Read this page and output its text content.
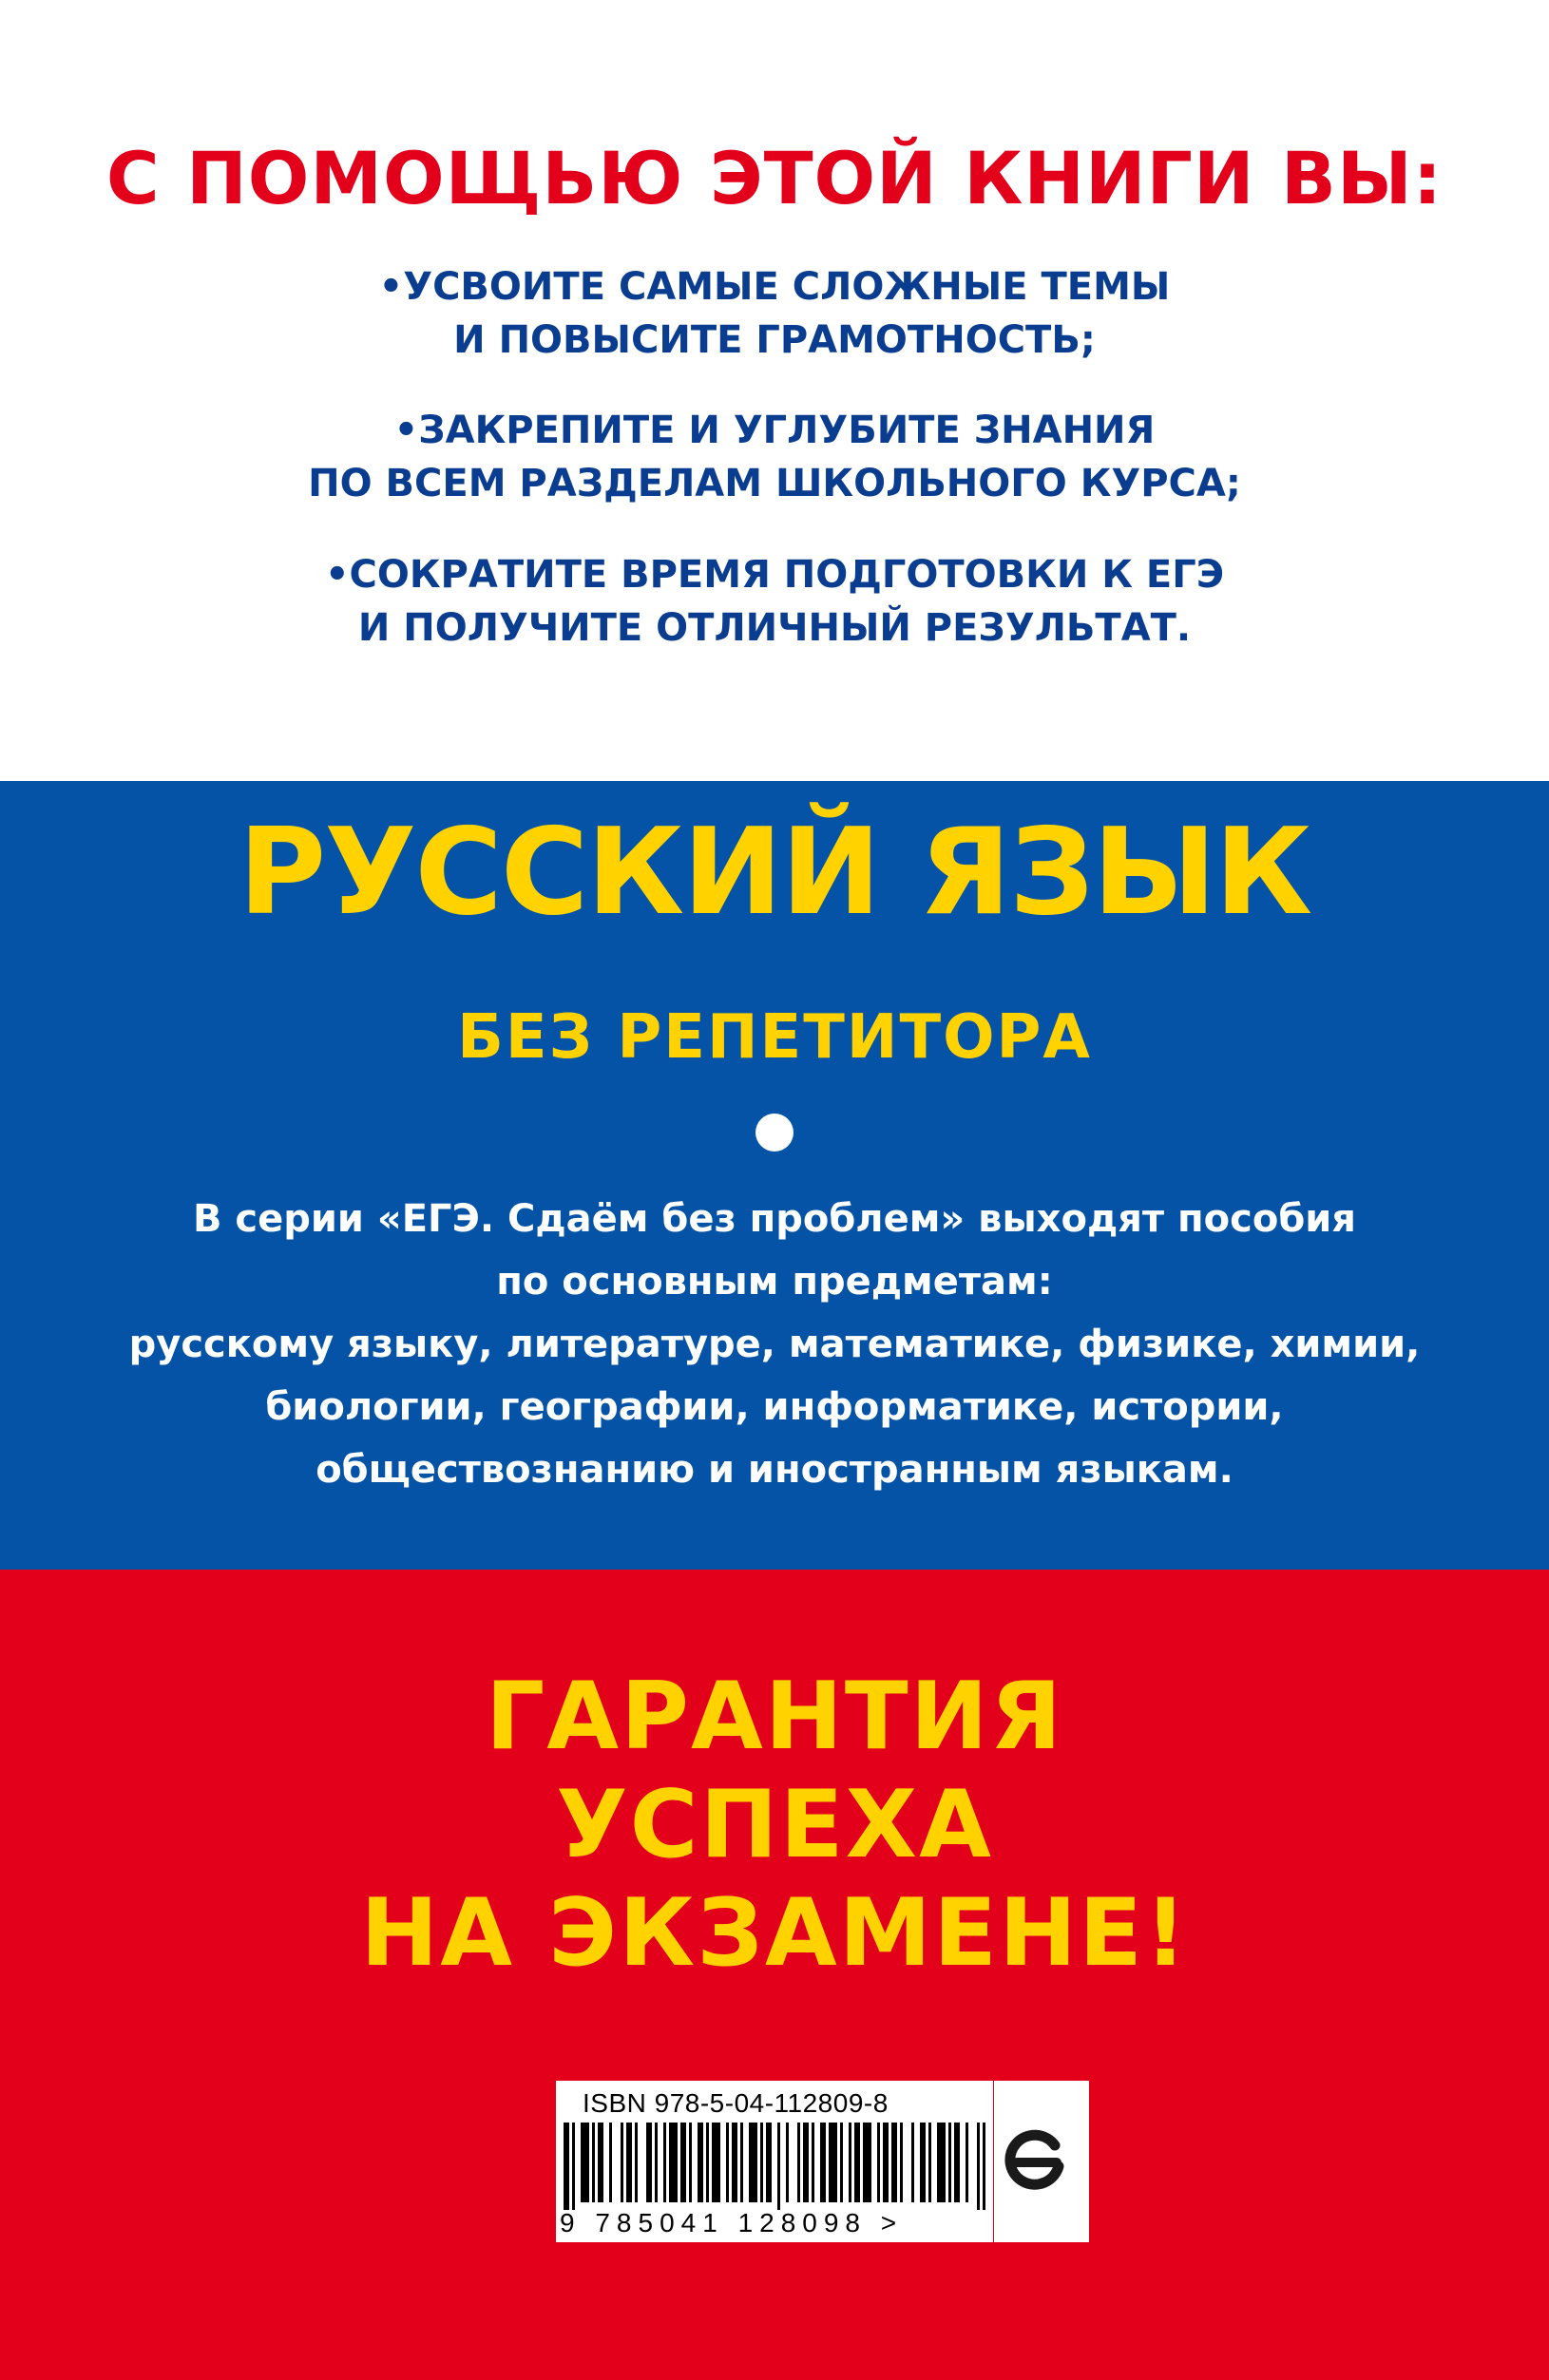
С ПОМОЩЬЮ ЭТОЙ КНИГИ ВЫ:
•УСВОИТЕ САМЫЕ СЛОЖНЫЕ ТЕМЫ
И ПОВЫСИТЕ ГРАМОТНОСТЬ;
•ЗАКРЕПИТЕ И УГЛУБИТЕ ЗНАНИЯ
ПО ВСЕМ РАЗДЕЛАМ ШКОЛЬНОГО КУРСА;
•СОКРАТИТЕ ВРЕМЯ ПОДГОТОВКИ К ЕГЭ
И ПОЛУЧИТЕ ОТЛИЧНЫЙ РЕЗУЛЬТАТ.
РУССКИЙ ЯЗЫК
БЕЗ РЕПЕТИТОРА
В серии «ЕГЭ. Сдаём без проблем» выходят пособия
по основным предметам:
русскому языку, литературе, математике, физике, химии,
биологии, географии, информатике, истории,
обществознанию и иностранным языкам.
ГАРАНТИЯ
УСПЕХА
НА ЭКЗАМЕНЕ!
ISBN 978-5-04-112809-8
9 785041 128098 >
